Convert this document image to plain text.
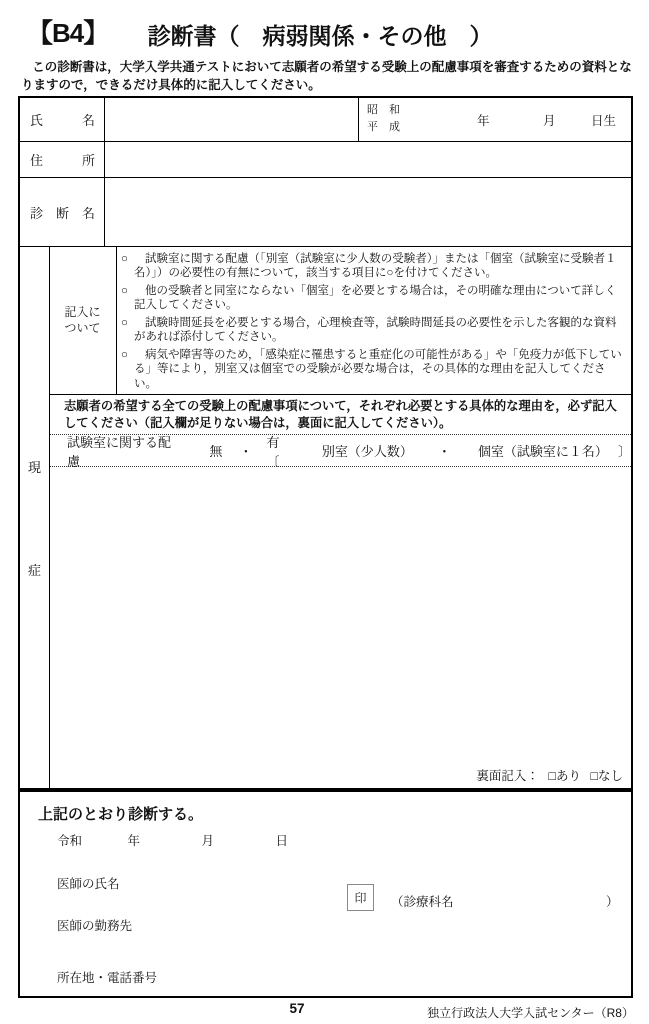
【B4】	診断書（　病弱関係・その他　）
この診断書は，大学入学共通テストにおいて志願者の希望する受験上の配慮事項を審査するための資料となりますので，できるだけ具体的に記入してください。
氏　　　名
昭　和
平　成	年	月	日生
住　　　所
診　断　名
現
症
記入について
○	試験室に関する配慮（「別室（試験室に少人数の受験者）」または「個室（試験室に受験者１名）」）の必要性の有無について，該当する項目に○を付けてください。
○	他の受験者と同室にならない「個室」を必要とする場合は，その明確な理由について詳しく記入してください。
○	試験時間延長を必要とする場合，心理検査等，試験時間延長の必要性を示した客観的な資料があれば添付してください。
○	病気や障害等のため，「感染症に罹患すると重症化の可能性がある」や「免疫力が低下している」等により，別室又は個室での受験が必要な場合は，その具体的な理由を記入してください。
志願者の希望する全ての受験上の配慮事項について，それぞれ必要とする具体的な理由を，必ず記入してください（記入欄が足りない場合は，裏面に記入してください）。
試験室に関する配慮
無 ・
有〔
別室（少人数） ・ 個室（試験室に１名） 〕
裏面記入： □あり □なし
上記のとおり診断する。
令和	年	月	日
医師の氏名
印	（診療科名	）
医師の勤務先
所在地・電話番号
57	独立行政法人大学入試センター（R8）
